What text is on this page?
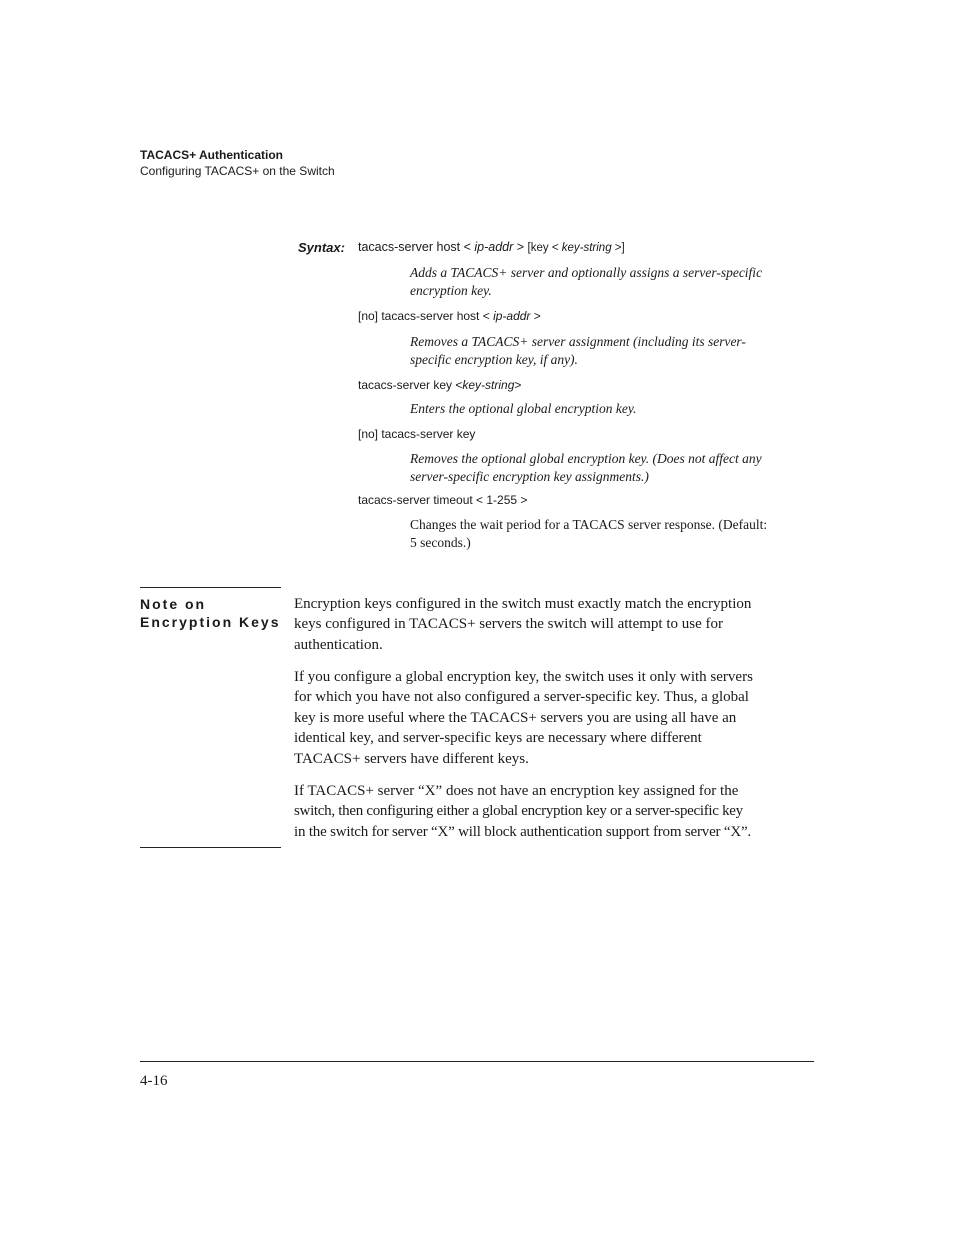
TACACS+ Authentication
Configuring TACACS+ on the Switch
Syntax: tacacs-server host < ip-addr > [key < key-string >]
Adds a TACACS+ server and optionally assigns a server-specific
encryption key.
[no] tacacs-server host < ip-addr >
Removes a TACACS+ server assignment (including its server-
specific encryption key, if any).
tacacs-server key <key-string>
Enters the optional global encryption key.
[no] tacacs-server key
Removes the optional global encryption key. (Does not affect any
server-specific encryption key assignments.)
tacacs-server timeout < 1-255 >
Changes the wait period for a TACACS server response. (Default:
5 seconds.)
Note on
Encryption Keys
Encryption keys configured in the switch must exactly match the encryption
keys configured in TACACS+ servers the switch will attempt to use for
authentication.
If you configure a global encryption key, the switch uses it only with servers
for which you have not also configured a server-specific key. Thus, a global
key is more useful where the TACACS+ servers you are using all have an
identical key, and server-specific keys are necessary where different
TACACS+ servers have different keys.
If TACACS+ server “X” does not have an encryption key assigned for the
switch, then configuring either a global encryption key or a server-specific key
in the switch for server “X” will block authentication support from server “X”.
4-16
